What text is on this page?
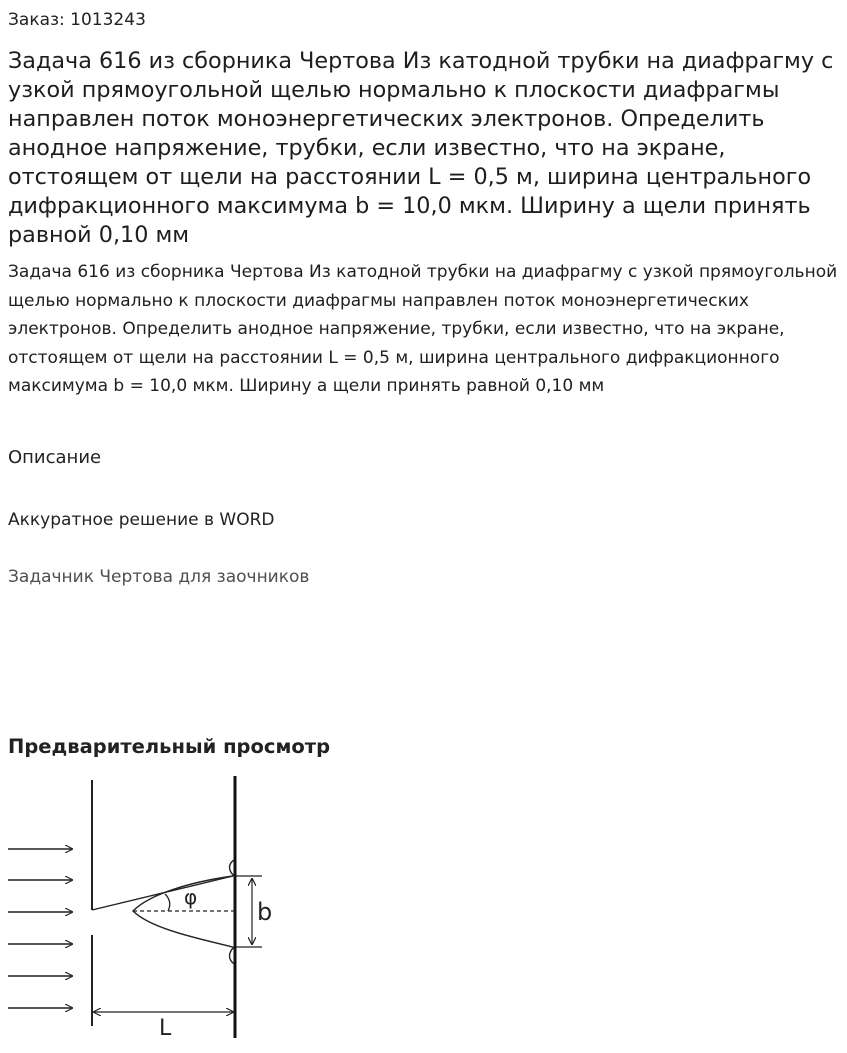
Заказ: 1013243
Задача 616 из сборника Чертова Из катодной трубки на диафрагму с узкой прямоугольной щелью нормально к плоскости диафрагмы направлен поток моноэнергетических электронов. Определить анодное напряжение, трубки, если известно, что на экране, отстоящем от щели на расстоянии L = 0,5 м, ширина центрального дифракционного максимума b = 10,0 мкм. Ширину а щели принять равной 0,10 мм

Задача 616 из сборника Чертова Из катодной трубки на диафрагму с узкой прямоугольной щелью нормально к плоскости диафрагмы направлен поток моноэнергетических электронов. Определить анодное напряжение, трубки, если известно, что на экране, отстоящем от щели на расстоянии L = 0,5 м, ширина центрального дифракционного максимума b = 10,0 мкм. Ширину а щели принять равной 0,10 мм

Описание
Аккуратное решение в WORD
Задачник Чертова для заочников
Предварительный просмотр
φ
b
L
